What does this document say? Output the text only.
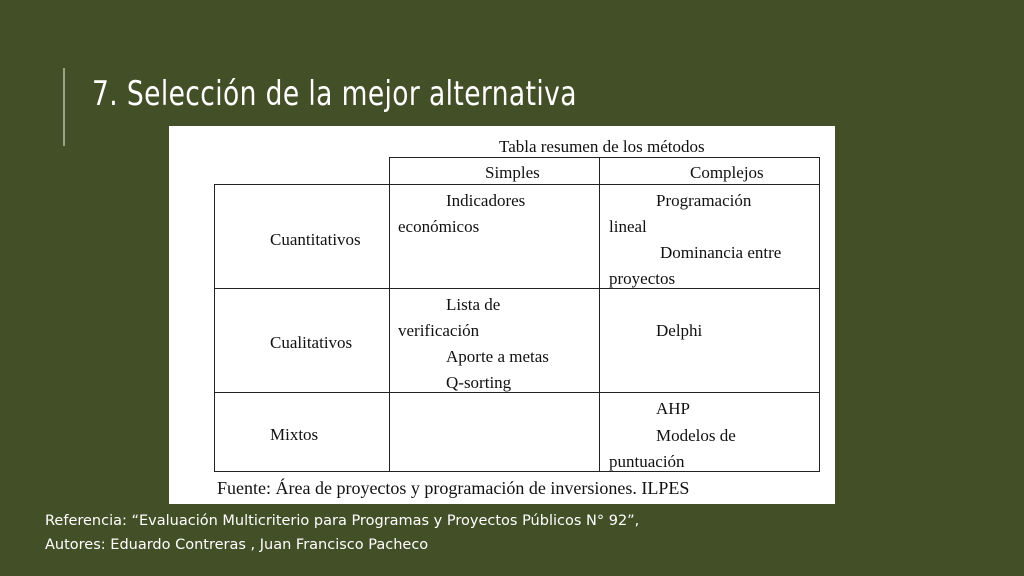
7. Selección de la mejor alternativa
Tabla resumen de los métodos
Simples	Complejos
Cuantitativos
Indicadores
económicos
Programación
lineal
Dominancia entre
proyectos
Cualitativos
Lista de
verificación
Aporte a metas
Q-sorting
Delphi
Mixtos
AHP
Modelos de
puntuación
Fuente: Área de proyectos y programación de inversiones. ILPES
Referencia: “Evaluación Multicriterio para Programas y Proyectos Públicos N° 92”,
Autores: Eduardo Contreras , Juan Francisco Pacheco
